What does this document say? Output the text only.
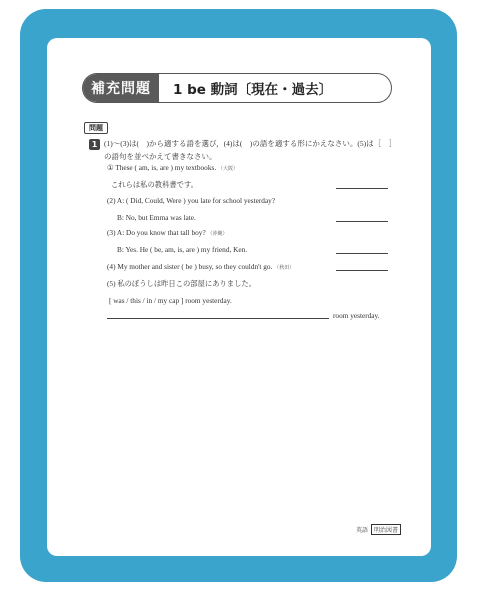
補充問題	1 be 動詞〔現在・過去〕
問題
1 (1)〜(3)は(　)から適する語を選び，(4)は(　)の語を適する形にかえなさい。(5)は［　］の語句を並べかえて書きなさい。
① These ( am, is, are ) my textbooks. （大阪）
これらは私の教科書です。
(2) A: ( Did, Could, Were ) you late for school yesterday?
B: No, but Emma was late.
(3) A: Do you know that tall boy? （沖縄）
B: Yes. He ( be, am, is, are ) my friend, Ken.
(4) My mother and sister ( be ) busy, so they couldn't go. （秋田）
(5) 私のぼうしは昨日この部屋にありました。
[ was / this / in / my cap ] room yesterday.
room yesterday.
英語	明治図書
